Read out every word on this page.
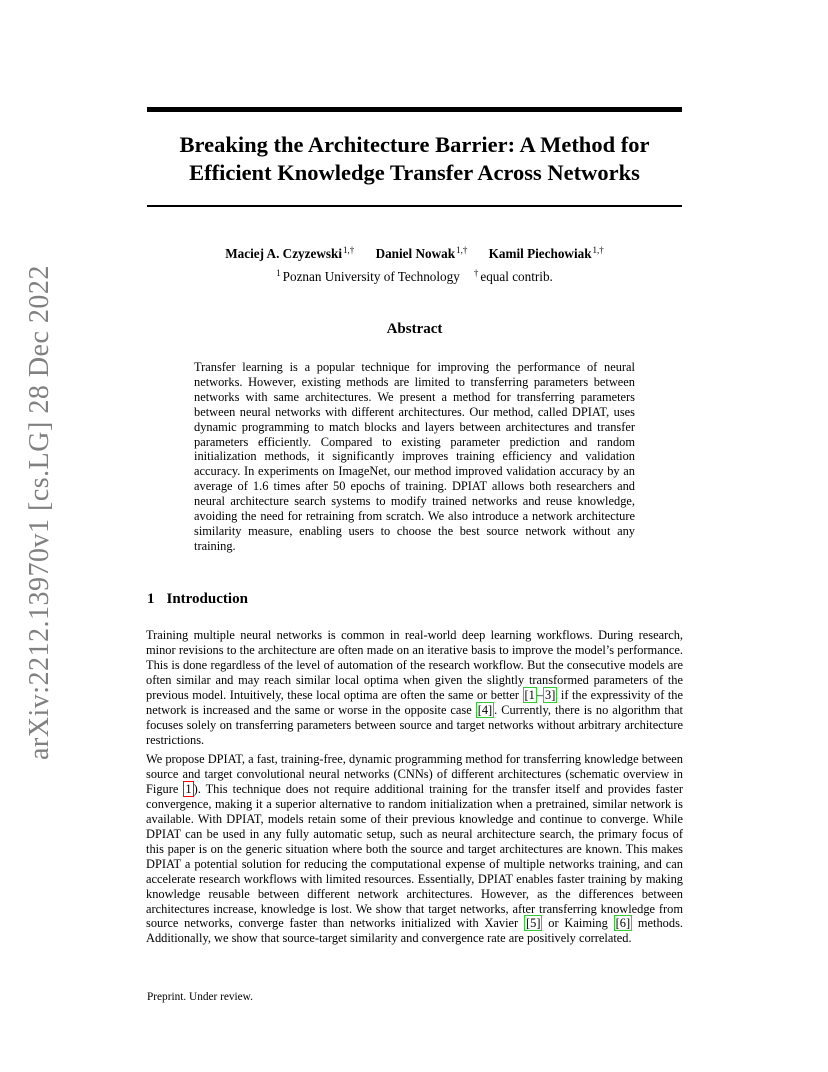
arXiv:2212.13970v1 [cs.LG] 28 Dec 2022
Breaking the Architecture Barrier: A Method for
Efficient Knowledge Transfer Across Networks
Maciej A. Czyzewski$^{1,\dagger}$ Daniel Nowak$^{1,\dagger}$ Kamil Piechowiak$^{1,\dagger}$
$^1$ Poznan University of Technology † equal contrib.
Abstract
Transfer learning is a popular technique for improving the performance of neural networks. However, existing methods are limited to transferring parameters between networks with same architectures. We present a method for transferring parameters between neural networks with different architectures. Our method, called DPIAT, uses dynamic programming to match blocks and layers between architectures and transfer parameters efficiently. Compared to existing parameter prediction and random initialization methods, it significantly improves training efficiency and validation accuracy. In experiments on ImageNet, our method improved validation accuracy by an average of 1.6 times after 50 epochs of training. DPIAT allows both researchers and neural architecture search systems to modify trained networks and reuse knowledge, avoiding the need for retraining from scratch. We also introduce a network architecture similarity measure, enabling users to choose the best source network without any training.
1 Introduction
Training multiple neural networks is common in real-world deep learning workflows. During research, minor revisions to the architecture are often made on an iterative basis to improve the model’s performance. This is done regardless of the level of automation of the research workflow. But the consecutive models are often similar and may reach similar local optima when given the slightly transformed parameters of the previous model. Intuitively, these local optima are often the same or better [1 – 3] if the expressivity of the network is increased and the same or worse in the opposite case [4] . Currently, there is no algorithm that focuses solely on transferring parameters between source and target networks without arbitrary architecture restrictions.
We propose DPIAT, a fast, training-free, dynamic programming method for transferring knowledge between source and target convolutional neural networks (CNNs) of different architectures (schematic overview in Figure 1 ). This technique does not require additional training for the transfer itself and provides faster convergence, making it a superior alternative to random initialization when a pretrained, similar network is available. With DPIAT, models retain some of their previous knowledge and continue to converge. While DPIAT can be used in any fully automatic setup, such as neural architecture search, the primary focus of this paper is on the generic situation where both the source and target architectures are known. This makes DPIAT a potential solution for reducing the computational expense of multiple networks training, and can accelerate research workflows with limited resources. Essentially, DPIAT enables faster training by making knowledge reusable between different network architectures. However, as the differences between architectures increase, knowledge is lost. We show that target networks, after transferring knowledge from source networks, converge faster than networks initialized with Xavier [5] or Kaiming [6] methods. Additionally, we show that source-target similarity and convergence rate are positively correlated.
Preprint. Under review.
